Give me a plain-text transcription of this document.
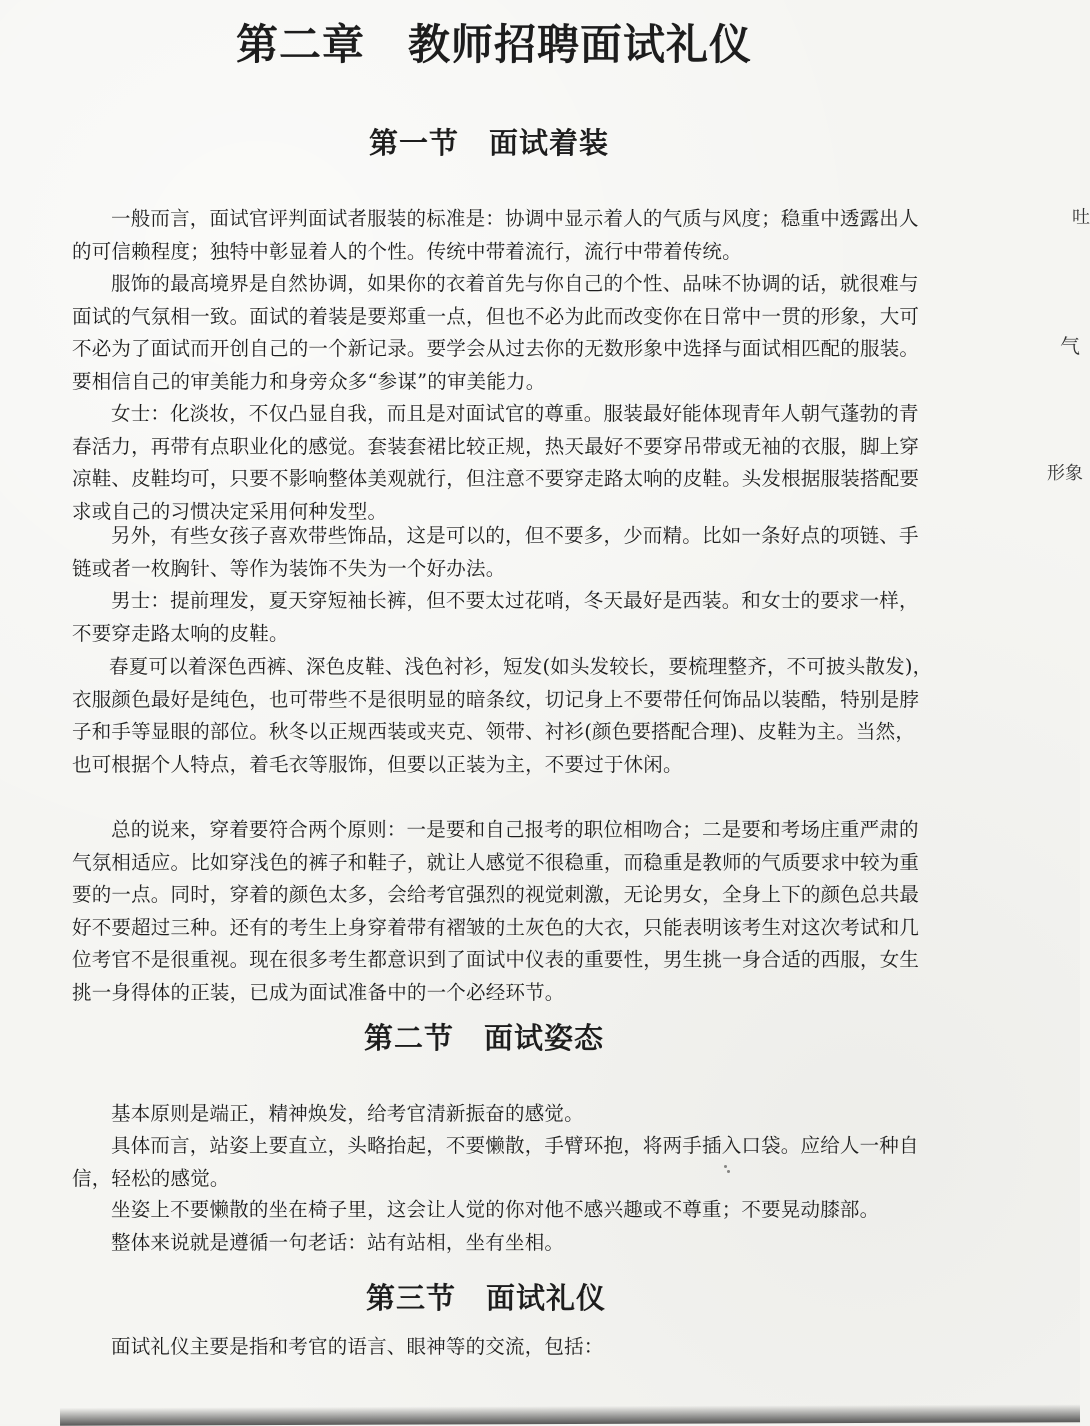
第二章　教师招聘面试礼仪
第一节　面试着装
一般而言，面试官评判面试者服装的标准是：协调中显示着人的气质与风度；稳重中透露出人的可信赖程度；独特中彰显着人的个性。传统中带着流行，流行中带着传统。
服饰的最高境界是自然协调，如果你的衣着首先与你自己的个性、品味不协调的话，就很难与面试的气氛相一致。面试的着装是要郑重一点，但也不必为此而改变你在日常中一贯的形象，大可不必为了面试而开创自己的一个新记录。要学会从过去你的无数形象中选择与面试相匹配的服装。要相信自己的审美能力和身旁众多“参谋”的审美能力。
女士：化淡妆，不仅凸显自我，而且是对面试官的尊重。服装最好能体现青年人朝气蓬勃的青春活力，再带有点职业化的感觉。套装套裙比较正规，热天最好不要穿吊带或无袖的衣服，脚上穿凉鞋、皮鞋均可，只要不影响整体美观就行，但注意不要穿走路太响的皮鞋。头发根据服装搭配要求或自己的习惯决定采用何种发型。
另外，有些女孩子喜欢带些饰品，这是可以的，但不要多，少而精。比如一条好点的项链、手链或者一枚胸针、等作为装饰不失为一个好办法。
男士：提前理发，夏天穿短袖长裤，但不要太过花哨，冬天最好是西装。和女士的要求一样，不要穿走路太响的皮鞋。
春夏可以着深色西裤、深色皮鞋、浅色衬衫，短发(如头发较长，要梳理整齐，不可披头散发)，衣服颜色最好是纯色，也可带些不是很明显的暗条纹，切记身上不要带任何饰品以装酷，特别是脖子和手等显眼的部位。秋冬以正规西装或夹克、领带、衬衫(颜色要搭配合理)、皮鞋为主。当然，也可根据个人特点，着毛衣等服饰，但要以正装为主，不要过于休闲。
总的说来，穿着要符合两个原则：一是要和自己报考的职位相吻合；二是要和考场庄重严肃的气氛相适应。比如穿浅色的裤子和鞋子，就让人感觉不很稳重，而稳重是教师的气质要求中较为重要的一点。同时，穿着的颜色太多，会给考官强烈的视觉刺激，无论男女，全身上下的颜色总共最好不要超过三种。还有的考生上身穿着带有褶皱的土灰色的大衣，只能表明该考生对这次考试和几位考官不是很重视。现在很多考生都意识到了面试中仪表的重要性，男生挑一身合适的西服，女生挑一身得体的正装，已成为面试准备中的一个必经环节。
第二节　面试姿态
基本原则是端正，精神焕发，给考官清新振奋的感觉。
具体而言，站姿上要直立，头略抬起，不要懒散，手臂环抱，将两手插入口袋。应给人一种自信，轻松的感觉。
坐姿上不要懒散的坐在椅子里，这会让人觉的你对他不感兴趣或不尊重；不要晃动膝部。
整体来说就是遵循一句老话：站有站相，坐有坐相。
第三节　面试礼仪
面试礼仪主要是指和考官的语言、眼神等的交流，包括：
吐
气
形象
